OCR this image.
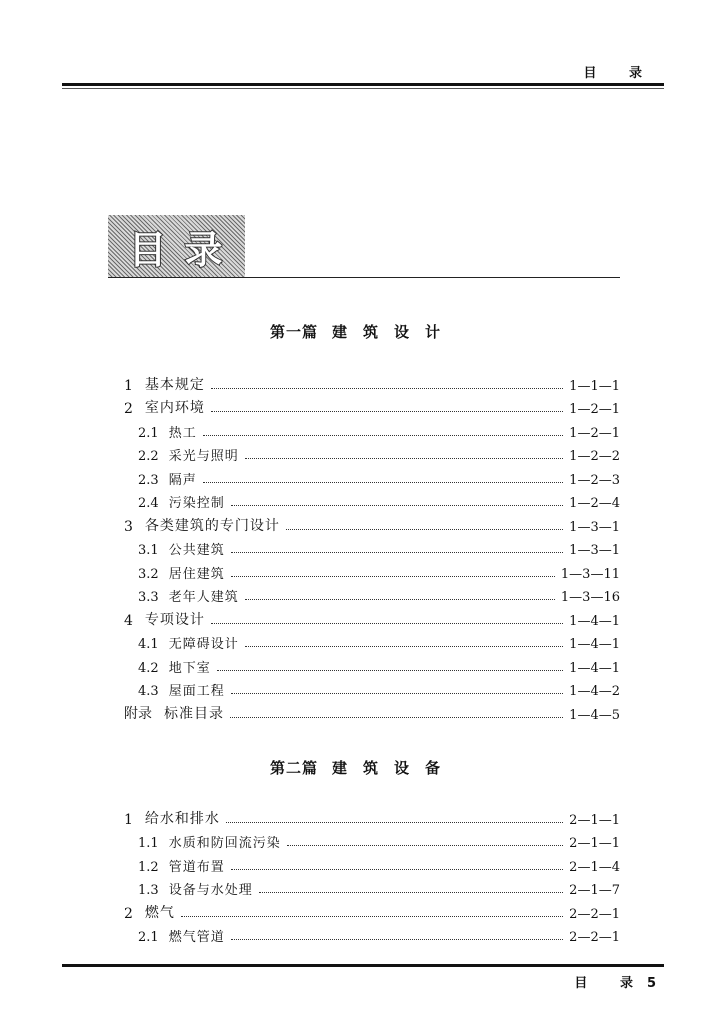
目 录
目录
第一篇 建筑设计
1 基本规定	1—1—1
2 室内环境	1—2—1
2.1 热工	1—2—1
2.2 采光与照明	1—2—2
2.3 隔声	1—2—3
2.4 污染控制	1—2—4
3 各类建筑的专门设计	1—3—1
3.1 公共建筑	1—3—1
3.2 居住建筑	1—3—11
3.3 老年人建筑	1—3—16
4 专项设计	1—4—1
4.1 无障碍设计	1—4—1
4.2 地下室	1—4—1
4.3 屋面工程	1—4—2
附录 标准目录	1—4—5
第二篇 建筑设备
1 给水和排水	2—1—1
1.1 水质和防回流污染	2—1—1
1.2 管道布置	2—1—4
1.3 设备与水处理	2—1—7
2 燃气	2—2—1
2.1 燃气管道	2—2—1
目 录5
